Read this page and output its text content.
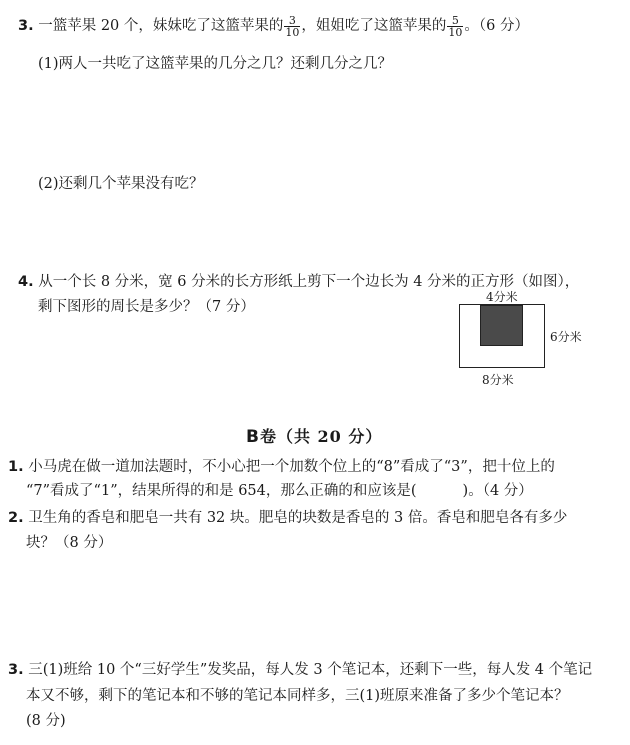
3. 一篮苹果 20 个，妹妹吃了这篮苹果的 $\frac{3}{10}$ ，姐姐吃了这篮苹果的 $\frac{5}{10}$ 。（6 分）
(1)两人一共吃了这篮苹果的几分之几？还剩几分之几？
(2)还剩几个苹果没有吃？
4. 从一个长 8 分米，宽 6 分米的长方形纸上剪下一个边长为 4 分米的正方形（如图），
剩下图形的周长是多少？（7 分）
4分米
6分米
8分米
B卷（共 20 分）
1. 小马虎在做一道加法题时，不小心把一个加数个位上的“8”看成了“3”，把十位上的
“7”看成了“1”，结果所得的和是 654，那么正确的和应该是(	)。（4 分）
2. 卫生角的香皂和肥皂一共有 32 块。肥皂的块数是香皂的 3 倍。香皂和肥皂各有多少
块？（8 分）
3. 三(1)班给 10 个“三好学生”发奖品，每人发 3 个笔记本，还剩下一些，每人发 4 个笔记
本又不够，剩下的笔记本和不够的笔记本同样多，三(1)班原来准备了多少个笔记本？
(8 分)
